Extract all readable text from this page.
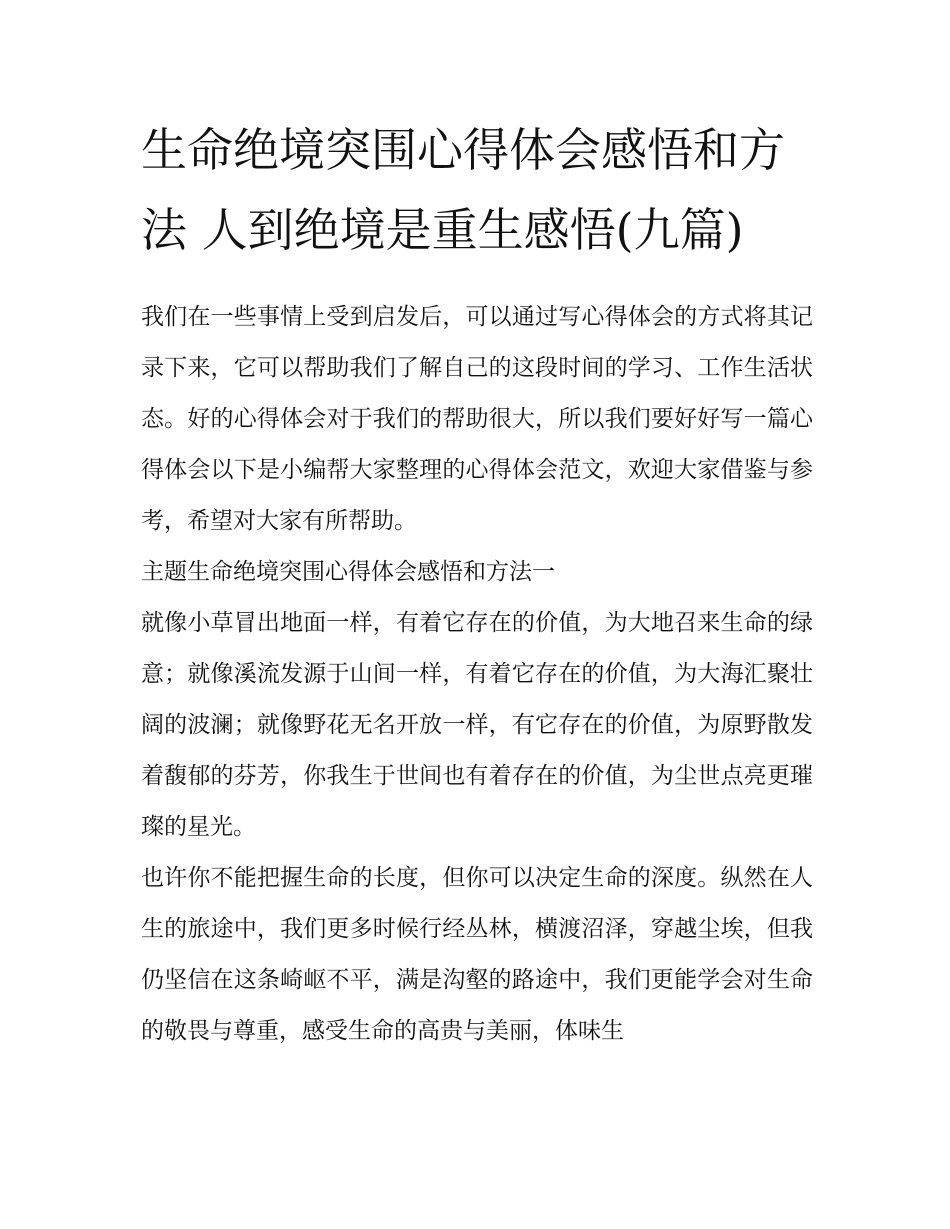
生命绝境突围心得体会感悟和方法 人到绝境是重生感悟(九篇)

我们在一些事情上受到启发后，可以通过写心得体会的方式将其记录下来，它可以帮助我们了解自己的这段时间的学习、工作生活状态。好的心得体会对于我们的帮助很大，所以我们要好好写一篇心得体会以下是小编帮大家整理的心得体会范文，欢迎大家借鉴与参考，希望对大家有所帮助。

主题生命绝境突围心得体会感悟和方法一

就像小草冒出地面一样，有着它存在的价值，为大地召来生命的绿意；就像溪流发源于山间一样，有着它存在的价值，为大海汇聚壮阔的波澜；就像野花无名开放一样，有它存在的价值，为原野散发着馥郁的芬芳，你我生于世间也有着存在的价值，为尘世点亮更璀璨的星光。

也许你不能把握生命的长度，但你可以决定生命的深度。纵然在人生的旅途中，我们更多时候行经丛林，横渡沼泽，穿越尘埃，但我仍坚信在这条崎岖不平，满是沟壑的路途中，我们更能学会对生命的敬畏与尊重，感受生命的高贵与美丽，体味生
